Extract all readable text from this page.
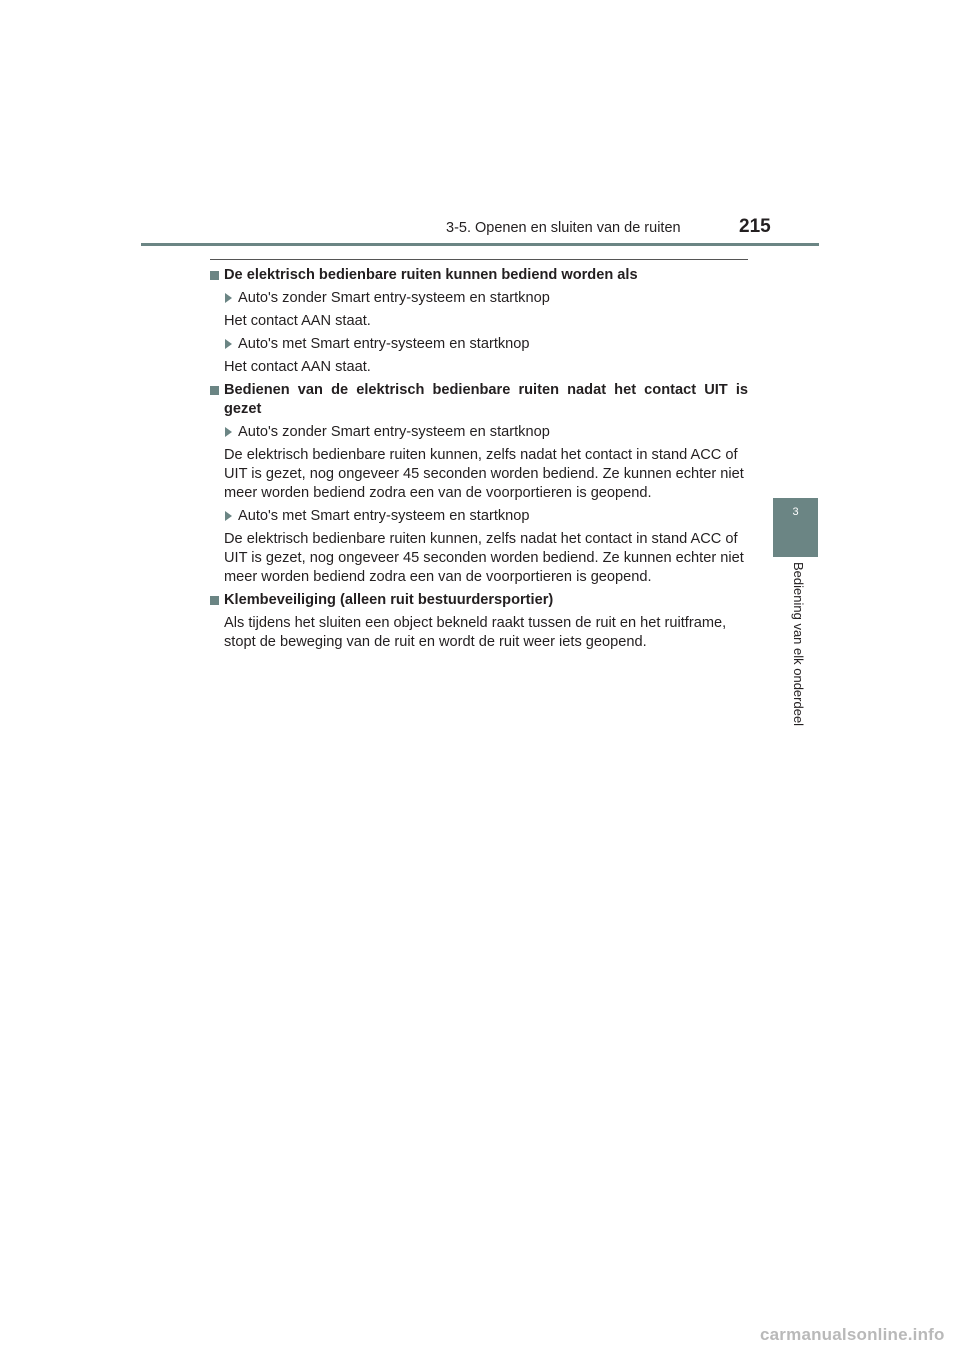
3-5. Openen en sluiten van de ruiten	215
De elektrisch bedienbare ruiten kunnen bediend worden als
Auto's zonder Smart entry-systeem en startknop
Het contact AAN staat.
Auto's met Smart entry-systeem en startknop
Het contact AAN staat.
Bedienen van de elektrisch bedienbare ruiten nadat het contact UIT is gezet
Auto's zonder Smart entry-systeem en startknop
De elektrisch bedienbare ruiten kunnen, zelfs nadat het contact in stand ACC of UIT is gezet, nog ongeveer 45 seconden worden bediend. Ze kunnen echter niet meer worden bediend zodra een van de voorportieren is geopend.
Auto's met Smart entry-systeem en startknop
De elektrisch bedienbare ruiten kunnen, zelfs nadat het contact in stand ACC of UIT is gezet, nog ongeveer 45 seconden worden bediend. Ze kunnen echter niet meer worden bediend zodra een van de voorportieren is geopend.
Klembeveiliging (alleen ruit bestuurdersportier)
Als tijdens het sluiten een object bekneld raakt tussen de ruit en het ruitframe, stopt de beweging van de ruit en wordt de ruit weer iets geopend.
3
Bediening van elk onderdeel
carmanualsonline.info
